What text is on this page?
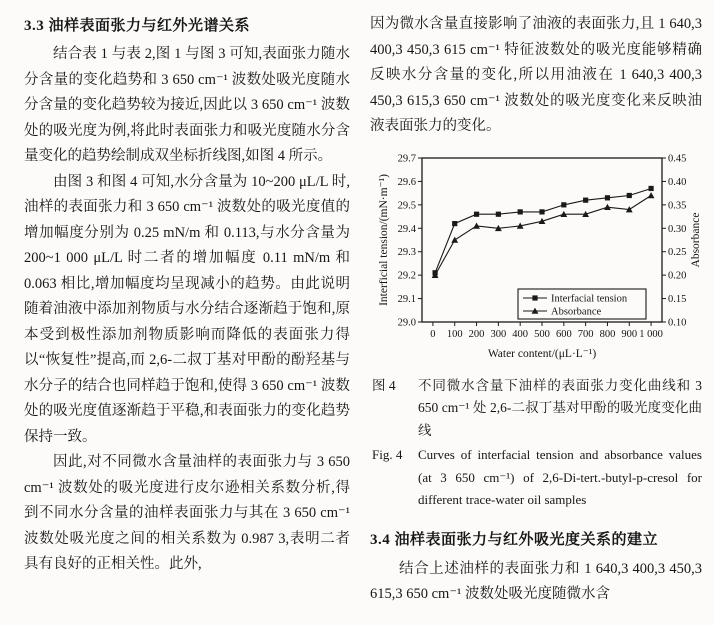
3.3 油样表面张力与红外光谱关系

结合表 1 与表 2,图 1 与图 3 可知,表面张力随水分含量的变化趋势和 3 650 cm⁻¹ 波数处吸光度随水分含量的变化趋势较为接近,因此以 3 650 cm⁻¹ 波数处的吸光度为例,将此时表面张力和吸光度随水分含量变化的趋势绘制成双坐标折线图,如图 4 所示。

由图 3 和图 4 可知,水分含量为 10~200 μL/L 时,油样的表面张力和 3 650 cm⁻¹ 波数处的吸光度值的增加幅度分别为 0.25 mN/m 和 0.113,与水分含量为 200~1 000 μL/L 时二者的增加幅度 0.11 mN/m 和 0.063 相比,增加幅度均呈现减小的趋势。由此说明随着油液中添加剂物质与水分结合逐渐趋于饱和,原本受到极性添加剂物质影响而降低的表面张力得以“恢复性”提高,而 2,6-二叔丁基对甲酚的酚羟基与水分子的结合也同样趋于饱和,使得 3 650 cm⁻¹ 波数处的吸光度值逐渐趋于平稳,和表面张力的变化趋势保持一致。

因此,对不同微水含量油样的表面张力与 3 650 cm⁻¹ 波数处的吸光度进行皮尔逊相关系数分析,得到不同水分含量的油样表面张力与其在 3 650 cm⁻¹ 波数处吸光度之间的相关系数为 0.987 3,表明二者具有良好的正相关性。此外,

因为微水含量直接影响了油液的表面张力,且 1 640,3 400,3 450,3 615 cm⁻¹ 特征波数处的吸光度能够精确反映水分含量的变化,所以用油液在 1 640,3 400,3 450,3 615,3 650 cm⁻¹ 波数处的吸光度变化来反映油液表面张力的变化。

0 100 200 300 400 500 600 700 800 900 1 000
29.0
29.1
29.2
29.3
29.4
29.5
29.6
29.7
0.10
0.15
0.20
0.25
0.30
0.35
0.40
0.45
Water content/(μL·L⁻¹)
Interficial tension/(mN·m⁻¹)	Absorbance
Interfacial tension
Absorbance
图 4	不同微水含量下油样的表面张力变化曲线和 3 650 cm⁻¹ 处 2,6-二叔丁基对甲酚的吸光度变化曲线
Fig. 4	Curves of interfacial tension and absorbance values (at 3 650 cm⁻¹) of 2,6-Di-tert.-butyl-p-cresol for different trace-water oil samples
3.4 油样表面张力与红外吸光度关系的建立

结合上述油样的表面张力和 1 640,3 400,3 450,3 615,3 650 cm⁻¹ 波数处吸光度随微水含
